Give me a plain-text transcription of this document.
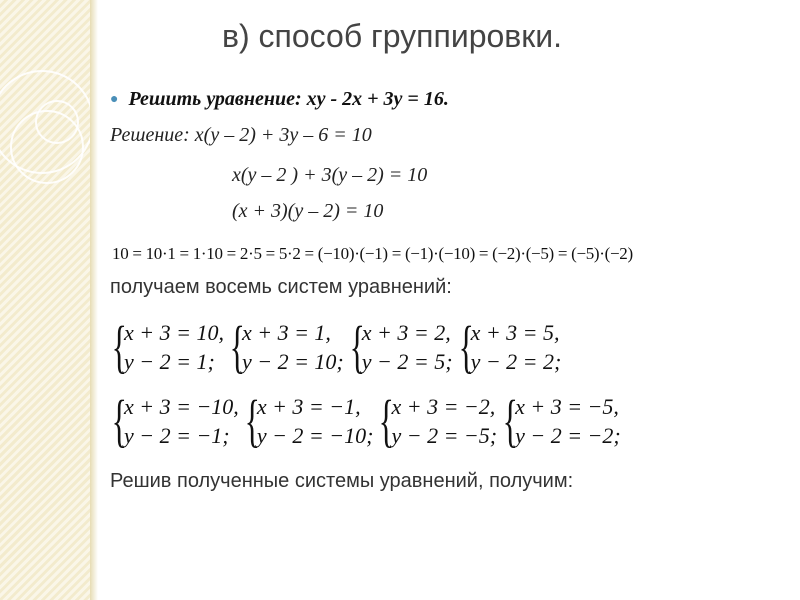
в) способ группировки.
● Решить уравнение: xy - 2x + 3y = 16.
Решение: x(y – 2) + 3y – 6 = 10
x(y – 2 ) + 3(y – 2) = 10
(x + 3)(y – 2) = 10
10 = 10·1 = 1·10 = 2·5 = 5·2 = (−10)·(−1) = (−1)·(−10) = (−2)·(−5) = (−5)·(−2)
получаем восемь систем уравнений:
{
x + 3 = 10,
y − 2 = 1; {
x + 3 = 1,
y − 2 = 10; {
x + 3 = 2,
y − 2 = 5; {
x + 3 = 5,
y − 2 = 2;
{
x + 3 = −10,
y − 2 = −1; {
x + 3 = −1,
y − 2 = −10; {
x + 3 = −2,
y − 2 = −5; {
x + 3 = −5,
y − 2 = −2;
Решив полученные системы уравнений, получим:
